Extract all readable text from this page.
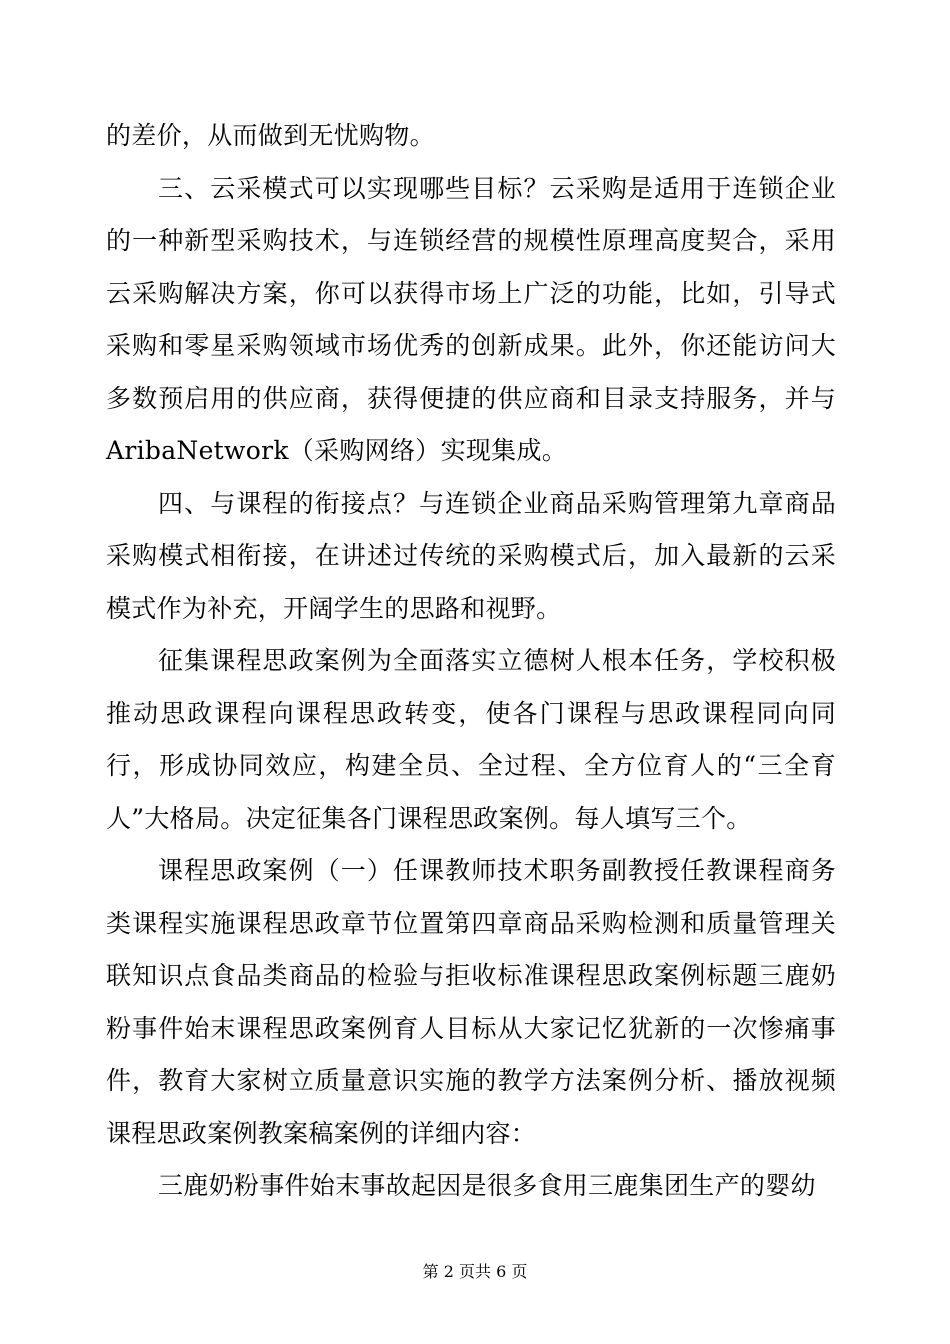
的差价，从而做到无忧购物。

三、云采模式可以实现哪些目标？云采购是适用于连锁企业的一种新型采购技术，与连锁经营的规模性原理高度契合，采用云采购解决方案，你可以获得市场上广泛的功能，比如，引导式采购和零星采购领域市场优秀的创新成果。此外，你还能访问大多数预启用的供应商，获得便捷的供应商和目录支持服务，并与AribaNetwork（采购网络）实现集成。

四、与课程的衔接点？与连锁企业商品采购管理第九章商品采购模式相衔接，在讲述过传统的采购模式后，加入最新的云采模式作为补充，开阔学生的思路和视野。

征集课程思政案例为全面落实立德树人根本任务，学校积极推动思政课程向课程思政转变，使各门课程与思政课程同向同行，形成协同效应，构建全员、全过程、全方位育人的“三全育人”大格局。决定征集各门课程思政案例。每人填写三个。

课程思政案例（一）任课教师技术职务副教授任教课程商务类课程实施课程思政章节位置第四章商品采购检测和质量管理关联知识点食品类商品的检验与拒收标准课程思政案例标题三鹿奶粉事件始末课程思政案例育人目标从大家记忆犹新的一次惨痛事件，教育大家树立质量意识实施的教学方法案例分析、播放视频课程思政案例教案稿案例的详细内容：

三鹿奶粉事件始末事故起因是很多食用三鹿集团生产的婴幼

第 2 页共 6 页
